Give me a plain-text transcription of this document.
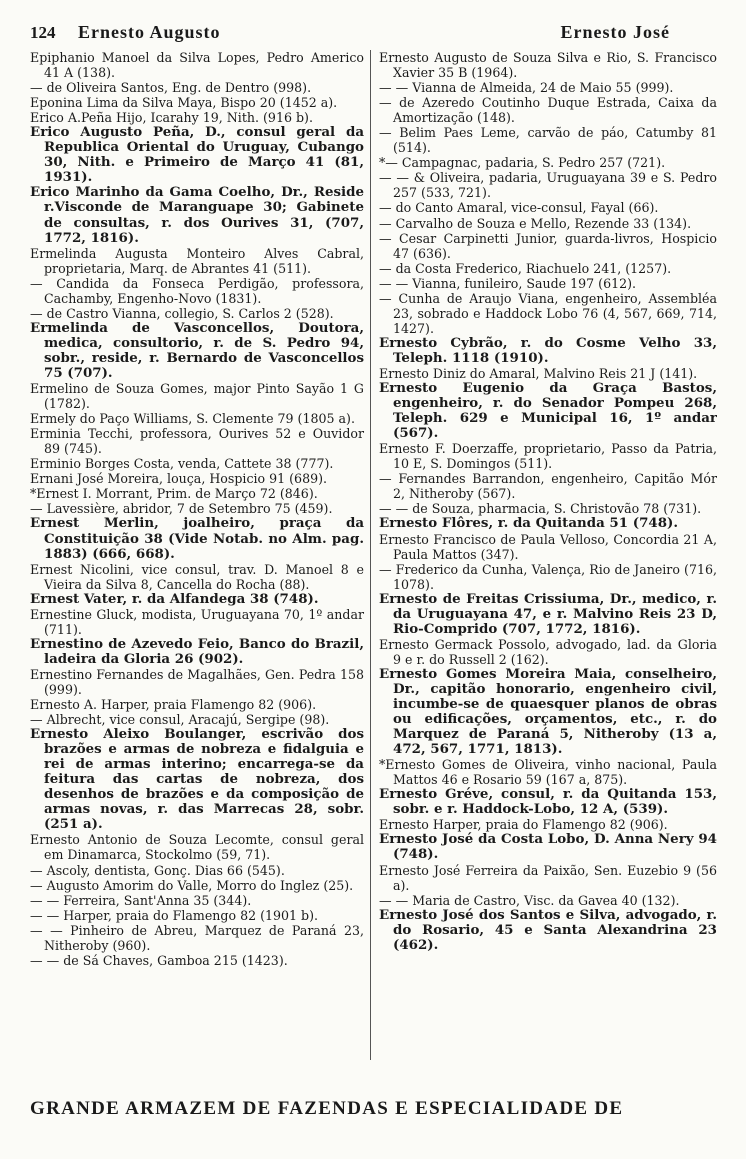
124	Ernesto Augusto	Ernesto José

Epiphanio Manoel da Silva Lopes, Pedro Americo 41 A (138).

— de Oliveira Santos, Eng. de Dentro (998).

Eponina Lima da Silva Maya, Bispo 20 (1452 a).

Erico A.Peña Hijo, Icarahy 19, Nith. (916 b).

Erico Augusto Peña, D., consul geral da Republica Oriental do Uruguay, Cubango 30, Nith. e Primeiro de Março 41 (81, 1931).

Erico Marinho da Gama Coelho, Dr., Reside r.Visconde de Maranguape 30; Gabinete de consultas, r. dos Ourives 31, (707, 1772, 1816).

Ermelinda Augusta Monteiro Alves Cabral, proprietaria, Marq. de Abrantes 41 (511).

— Candida da Fonseca Perdigão, professora, Cachamby, Engenho-Novo (1831).

— de Castro Vianna, collegio, S. Carlos 2 (528).

Ermelinda de Vasconcellos, Doutora, medica, consultorio, r. de S. Pedro 94, sobr., reside, r. Bernardo de Vasconcellos 75 (707).

Ermelino de Souza Gomes, major Pinto Sayão 1 G (1782).

Ermely do Paço Williams, S. Clemente 79 (1805 a).

Erminia Tecchi, professora, Ourives 52 e Ouvidor 89 (745).

Erminio Borges Costa, venda, Cattete 38 (777).

Ernani José Moreira, louça, Hospicio 91 (689).

*Ernest I. Morrant, Prim. de Março 72 (846).

— Lavessière, abridor, 7 de Setembro 75 (459).

Ernest Merlin, joalheiro, praça da Constituição 38 (Vide Notab. no Alm. pag. 1883) (666, 668).

Ernest Nicolini, vice consul, trav. D. Manoel 8 e Vieira da Silva 8, Cancella do Rocha (88).

Ernest Vater, r. da Alfandega 38 (748).

Ernestine Gluck, modista, Uruguayana 70, 1º andar (711).

Ernestino de Azevedo Feio, Banco do Brazil, ladeira da Gloria 26 (902).

Ernestino Fernandes de Magalhães, Gen. Pedra 158 (999).

Ernesto A. Harper, praia Flamengo 82 (906).

— Albrecht, vice consul, Aracajú, Sergipe (98).

Ernesto Aleixo Boulanger, escrivão dos brazões e armas de nobreza e fidalguia e rei de armas interino; encarrega-se da feitura das cartas de nobreza, dos desenhos de brazões e da composição de armas novas, r. das Marrecas 28, sobr. (251 a).

Ernesto Antonio de Souza Lecomte, consul geral em Dinamarca, Stockolmo (59, 71).

— Ascoly, dentista, Gonç. Dias 66 (545).

— Augusto Amorim do Valle, Morro do Inglez (25).

— — Ferreira, Sant'Anna 35 (344).

— — Harper, praia do Flamengo 82 (1901 b).

— — Pinheiro de Abreu, Marquez de Paraná 23, Nitheroby (960).

— — de Sá Chaves, Gamboa 215 (1423).

Ernesto Augusto de Souza Silva e Rio, S. Francisco Xavier 35 B (1964).

— — Vianna de Almeida, 24 de Maio 55 (999).

— de Azeredo Coutinho Duque Estrada, Caixa da Amortização (148).

— Belim Paes Leme, carvão de páo, Catumby 81 (514).

*— Campagnac, padaria, S. Pedro 257 (721).

— — & Oliveira, padaria, Uruguayana 39 e S. Pedro 257 (533, 721).

— do Canto Amaral, vice-consul, Fayal (66).

— Carvalho de Souza e Mello, Rezende 33 (134).

— Cesar Carpinetti Junior, guarda-livros, Hospicio 47 (636).

— da Costa Frederico, Riachuelo 241, (1257).

— — Vianna, funileiro, Saude 197 (612).

— Cunha de Araujo Viana, engenheiro, Assembléa 23, sobrado e Haddock Lobo 76 (4, 567, 669, 714, 1427).

Ernesto Cybrão, r. do Cosme Velho 33, Teleph. 1118 (1910).

Ernesto Diniz do Amaral, Malvino Reis 21 J (141).

Ernesto Eugenio da Graça Bastos, engenheiro, r. do Senador Pompeu 268, Teleph. 629 e Municipal 16, 1º andar (567).

Ernesto F. Doerzaffe, proprietario, Passo da Patria, 10 E, S. Domingos (511).

— Fernandes Barrandon, engenheiro, Capitão Mór 2, Nitheroby (567).

— — de Souza, pharmacia, S. Christovão 78 (731).

Ernesto Flôres, r. da Quitanda 51 (748).

Ernesto Francisco de Paula Velloso, Concordia 21 A, Paula Mattos (347).

— Frederico da Cunha, Valença, Rio de Janeiro (716, 1078).

Ernesto de Freitas Crissiuma, Dr., medico, r. da Uruguayana 47, e r. Malvino Reis 23 D, Rio-Comprido (707, 1772, 1816).

Ernesto Germack Possolo, advogado, lad. da Gloria 9 e r. do Russell 2 (162).

Ernesto Gomes Moreira Maia, conselheiro, Dr., capitão honorario, engenheiro civil, incumbe-se de quaesquer planos de obras ou edificações, orçamentos, etc., r. do Marquez de Paraná 5, Nitheroby (13 a, 472, 567, 1771, 1813).

*Ernesto Gomes de Oliveira, vinho nacional, Paula Mattos 46 e Rosario 59 (167 a, 875).

Ernesto Gréve, consul, r. da Quitanda 153, sobr. e r. Haddock-Lobo, 12 A, (539).

Ernesto Harper, praia do Flamengo 82 (906).

Ernesto José da Costa Lobo, D. Anna Nery 94 (748).

Ernesto José Ferreira da Paixão, Sen. Euzebio 9 (56 a).

— — Maria de Castro, Visc. da Gavea 40 (132).

Ernesto José dos Santos e Silva, advogado, r. do Rosario, 45 e Santa Alexandrina 23 (462).

GRANDE ARMAZEM DE FAZENDAS E ESPECIALIDADE DE
